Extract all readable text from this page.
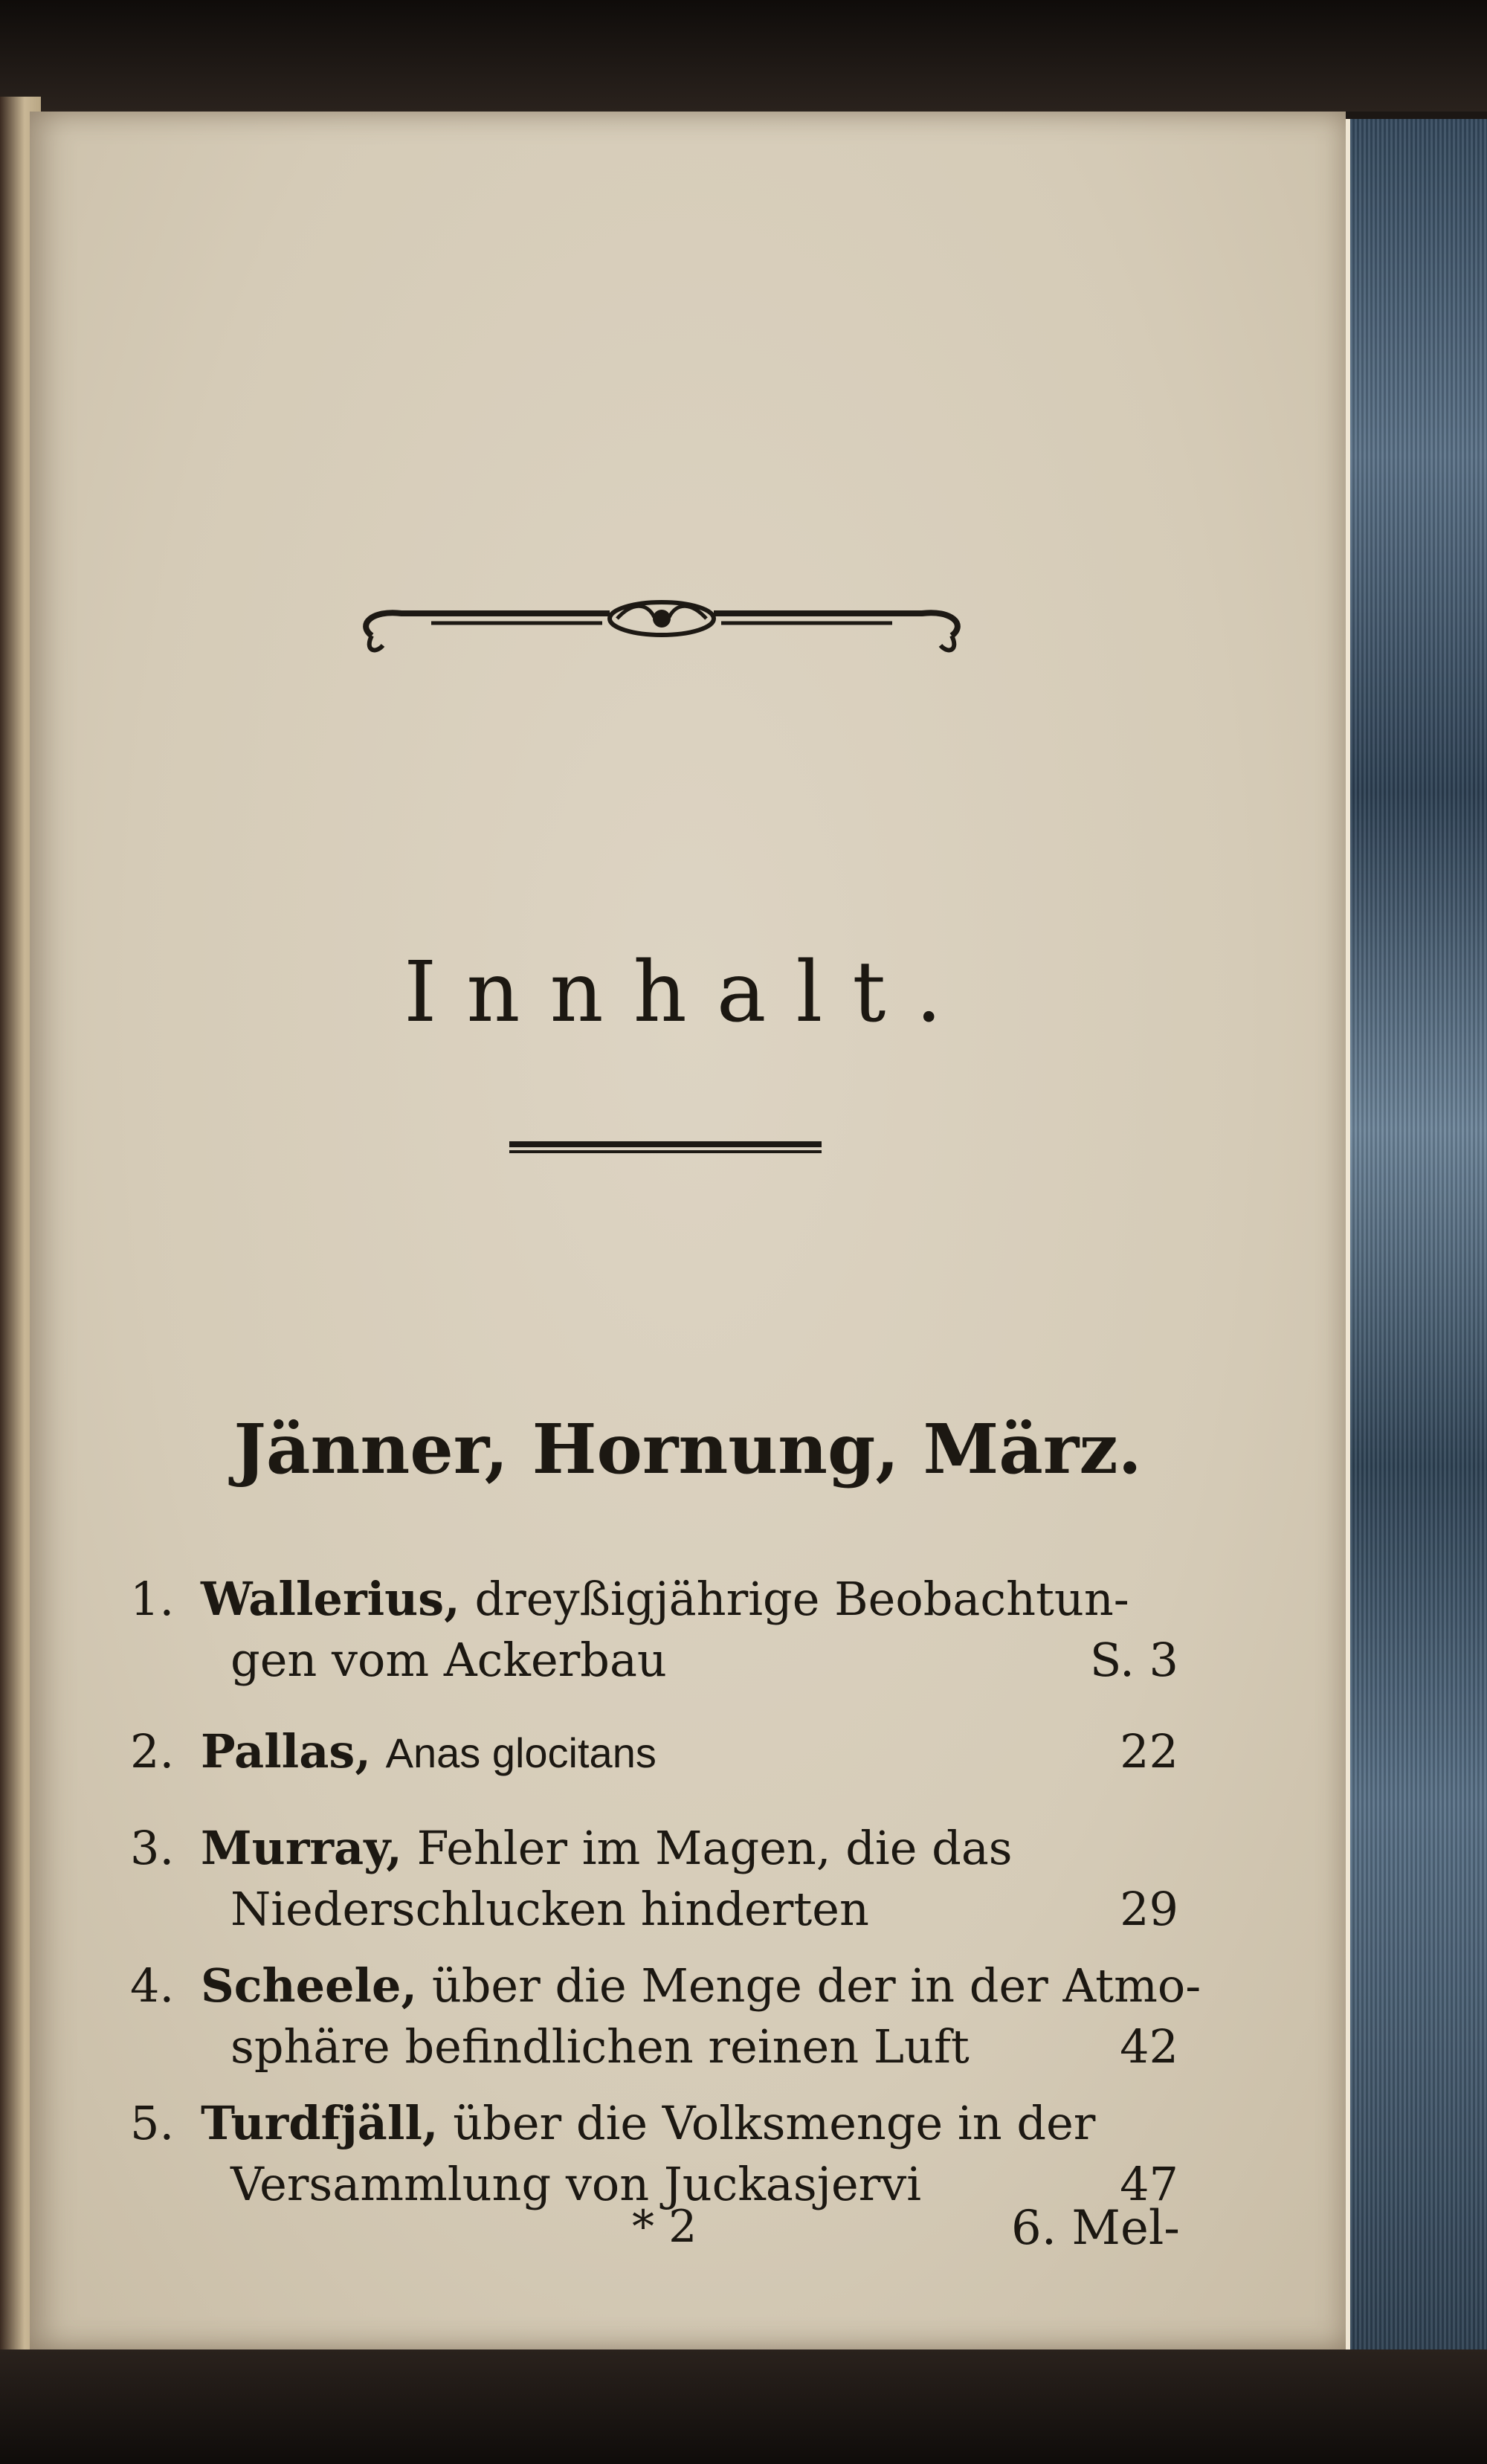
Innhalt.
Jänner, Hornung, März.
1. Wallerius, dreyßigjährige Beobachtun-
gen vom Ackerbau	S. 3
2. Pallas, Anas glocitans	22
3. Murray, Fehler im Magen, die das
Niederschlucken hinderten	29
4. Scheele, über die Menge der in der Atmo-
sphäre befindlichen reinen Luft	42
5. Turdfjäll, über die Volksmenge in der
Versammlung von Juckasjervi	47
* 2	6. Mel-
